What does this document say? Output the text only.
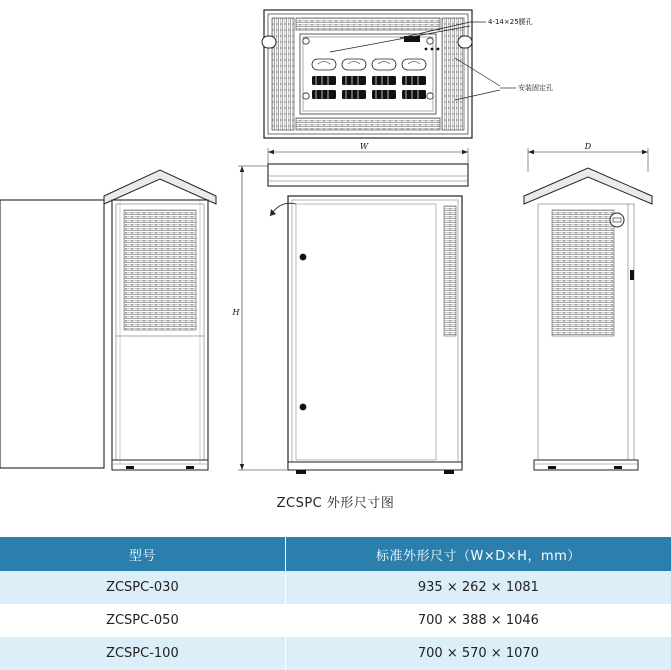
4-14×25腰孔
安装固定孔
W
H
D
ZCSPC 外形尺寸图
型号	标准外形尺寸（W×D×H，mm）
ZCSPC-030	935 × 262 × 1081
ZCSPC-050	700 × 388 × 1046
ZCSPC-100	700 × 570 × 1070
